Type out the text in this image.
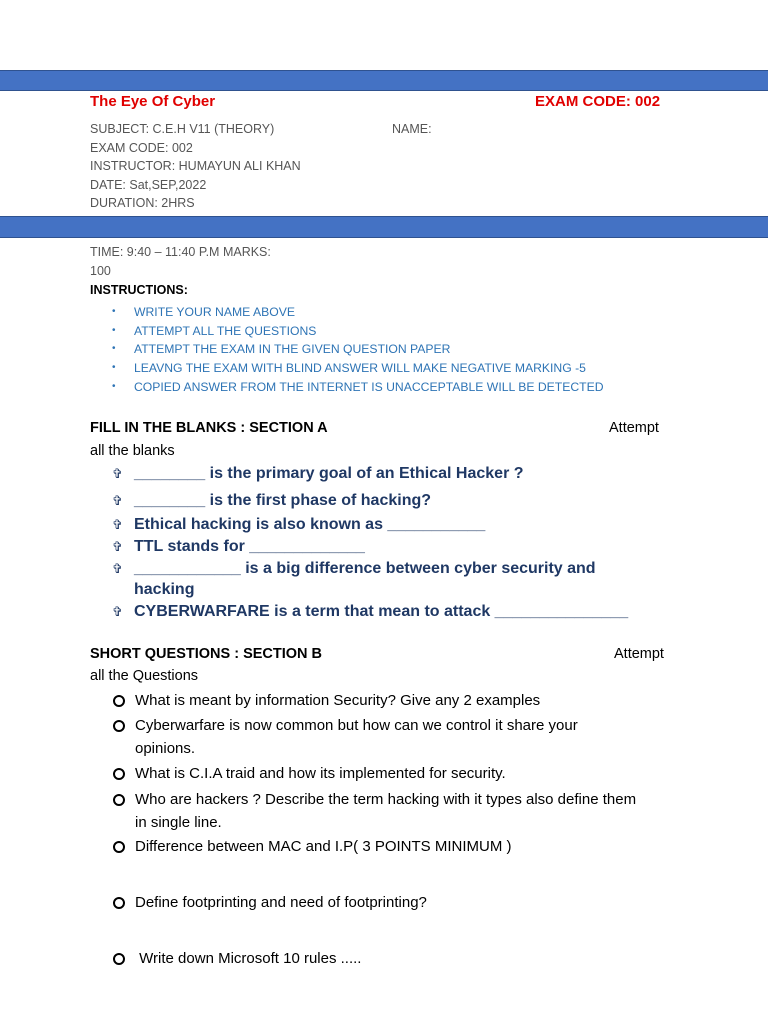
The Eye Of Cyber	EXAM CODE: 002
SUBJECT: C.E.H V11 (THEORY)	NAME:
EXAM CODE: 002
INSTRUCTOR: HUMAYUN ALI KHAN
DATE: Sat,SEP,2022
DURATION: 2HRS
TIME: 9:40 – 11:40 P.M MARKS:
100
INSTRUCTIONS:
• WRITE YOUR NAME ABOVE
• ATTEMPT ALL THE QUESTIONS
• ATTEMPT THE EXAM IN THE GIVEN QUESTION PAPER
• LEAVNG THE EXAM WITH BLIND ANSWER WILL MAKE NEGATIVE MARKING -5
• COPIED ANSWER FROM THE INTERNET IS UNACCEPTABLE WILL BE DETECTED
FILL IN THE BLANKS : SECTION A	Attempt
all the blanks
✞ ________ is the primary goal of an Ethical Hacker ?
✞ ________ is the first phase of hacking?
✞ Ethical hacking is also known as ___________
✞ TTL stands for _____________
✞ ____________ is a big difference between cyber security and
hacking
✞ CYBERWARFARE is a term that mean to attack _______________
SHORT QUESTIONS : SECTION B	Attempt
all the Questions
What is meant by information Security? Give any 2 examples
Cyberwarfare is now common but how can we control it share your
opinions.
What is C.I.A traid and how its implemented for security.
Who are hackers ? Describe the term hacking with it types also define them
in single line.
Difference between MAC and I.P( 3 POINTS MINIMUM )
Define footprinting and need of footprinting?
Write down Microsoft 10 rules .....
